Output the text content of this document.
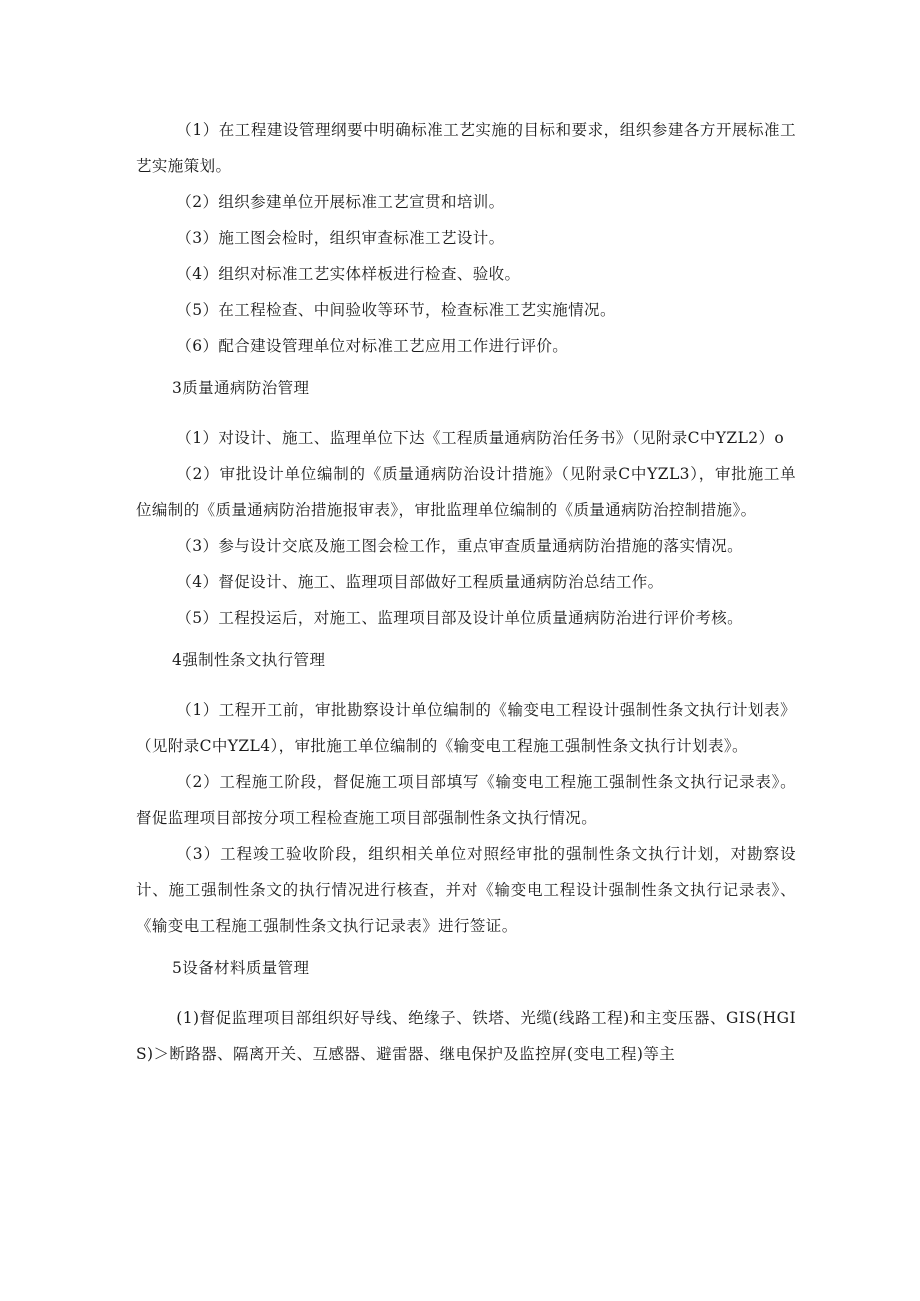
（1）在工程建设管理纲要中明确标准工艺实施的目标和要求，组织参建各方开展标准工艺实施策划。

（2）组织参建单位开展标准工艺宣贯和培训。

（3）施工图会检时，组织审查标准工艺设计。

（4）组织对标准工艺实体样板进行检查、验收。

（5）在工程检查、中间验收等环节，检查标准工艺实施情况。

（6）配合建设管理单位对标准工艺应用工作进行评价。

3质量通病防治管理

（1）对设计、施工、监理单位下达《工程质量通病防治任务书》（见附录C中YZL2）o

（2）审批设计单位编制的《质量通病防治设计措施》（见附录C中YZL3），审批施工单位编制的《质量通病防治措施报审表》，审批监理单位编制的《质量通病防治控制措施》。

（3）参与设计交底及施工图会检工作，重点审查质量通病防治措施的落实情况。

（4）督促设计、施工、监理项目部做好工程质量通病防治总结工作。

（5）工程投运后，对施工、监理项目部及设计单位质量通病防治进行评价考核。

4强制性条文执行管理

（1）工程开工前，审批勘察设计单位编制的《输变电工程设计强制性条文执行计划表》（见附录C中YZL4），审批施工单位编制的《输变电工程施工强制性条文执行计划表》。

（2）工程施工阶段，督促施工项目部填写《输变电工程施工强制性条文执行记录表》。督促监理项目部按分项工程检查施工项目部强制性条文执行情况。

（3）工程竣工验收阶段，组织相关单位对照经审批的强制性条文执行计划，对勘察设计、施工强制性条文的执行情况进行核查，并对《输变电工程设计强制性条文执行记录表》、《输变电工程施工强制性条文执行记录表》进行签证。

5设备材料质量管理

(1)督促监理项目部组织好导线、绝缘子、铁塔、光缆(线路工程)和主变压器、GIS(HGIS)＞断路器、隔离开关、互感器、避雷器、继电保护及监控屏(变电工程)等主
